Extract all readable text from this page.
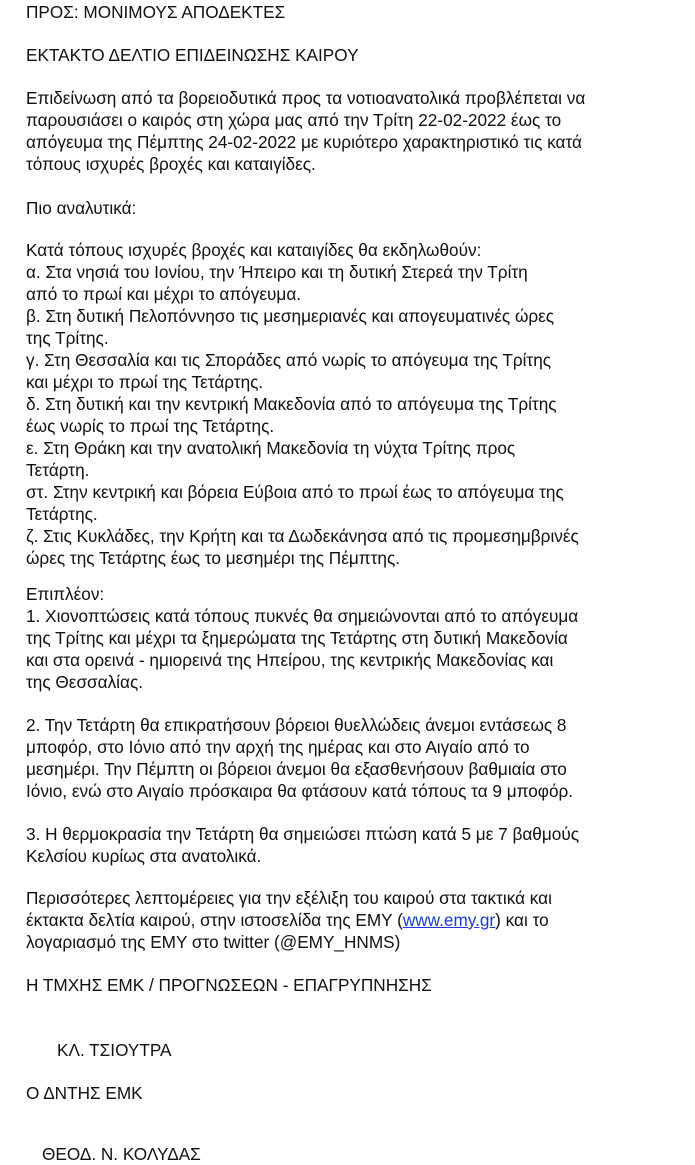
ΠΡΟΣ: ΜΟΝΙΜΟΥΣ ΑΠΟΔΕΚΤΕΣ
ΕΚΤΑΚΤΟ ΔΕΛΤΙΟ ΕΠΙΔΕΙΝΩΣΗΣ ΚΑΙΡΟΥ
Επιδείνωση από τα βορειοδυτικά προς τα νοτιοανατολικά προβλέπεται να
παρουσιάσει ο καιρός στη χώρα μας από την Τρίτη 22-02-2022 έως το
απόγευμα της Πέμπτης 24-02-2022 με κυριότερο χαρακτηριστικό τις κατά
τόπους ισχυρές βροχές και καταιγίδες.
Πιο αναλυτικά:
Κατά τόπους ισχυρές βροχές και καταιγίδες θα εκδηλωθούν:
α. Στα νησιά του Ιονίου, την Ήπειρο και τη δυτική Στερεά την Τρίτη
από το πρωί και μέχρι το απόγευμα.
β. Στη δυτική Πελοπόννησο τις μεσημεριανές και απογευματινές ώρες
της Τρίτης.
γ. Στη Θεσσαλία και τις Σποράδες από νωρίς το απόγευμα της Τρίτης
και μέχρι το πρωί της Τετάρτης.
δ. Στη δυτική και την κεντρική Μακεδονία από το απόγευμα της Τρίτης
έως νωρίς το πρωί της Τετάρτης.
ε. Στη Θράκη και την ανατολική Μακεδονία τη νύχτα Τρίτης προς
Τετάρτη.
στ. Στην κεντρική και βόρεια Εύβοια από το πρωί έως το απόγευμα της
Τετάρτης.
ζ. Στις Κυκλάδες, την Κρήτη και τα Δωδεκάνησα από τις προμεσημβρινές
ώρες της Τετάρτης έως το μεσημέρι της Πέμπτης.
Επιπλέον:
1. Χιονοπτώσεις κατά τόπους πυκνές θα σημειώνονται από το απόγευμα
της Τρίτης και μέχρι τα ξημερώματα της Τετάρτης στη δυτική Μακεδονία
και στα ορεινά - ημιορεινά της Ηπείρου, της κεντρικής Μακεδονίας και
της Θεσσαλίας.
2. Την Τετάρτη θα επικρατήσουν βόρειοι θυελλώδεις άνεμοι εντάσεως 8
μποφόρ, στο Ιόνιο από την αρχή της ημέρας και στο Αιγαίο από το
μεσημέρι. Την Πέμπτη οι βόρειοι άνεμοι θα εξασθενήσουν βαθμιαία στο
Ιόνιο, ενώ στο Αιγαίο πρόσκαιρα θα φτάσουν κατά τόπους τα 9 μποφόρ.
3. Η θερμοκρασία την Τετάρτη θα σημειώσει πτώση κατά 5 με 7 βαθμούς
Κελσίου κυρίως στα ανατολικά.
Περισσότερες λεπτομέρειες για την εξέλιξη του καιρού στα τακτικά και
έκτακτα δελτία καιρού, στην ιστοσελίδα της ΕΜΥ (www.emy.gr) και το
λογαριασμό της ΕΜΥ στο twitter (@EMY_HNMS)
Η ΤΜΧΗΣ ΕΜΚ / ΠΡΟΓΝΩΣΕΩΝ - ΕΠΑΓΡΥΠΝΗΣΗΣ
ΚΛ. ΤΣΙΟΥΤΡΑ
Ο ΔΝΤΗΣ ΕΜΚ
ΘΕΟΔ. Ν. ΚΟΛΥΔΑΣ
